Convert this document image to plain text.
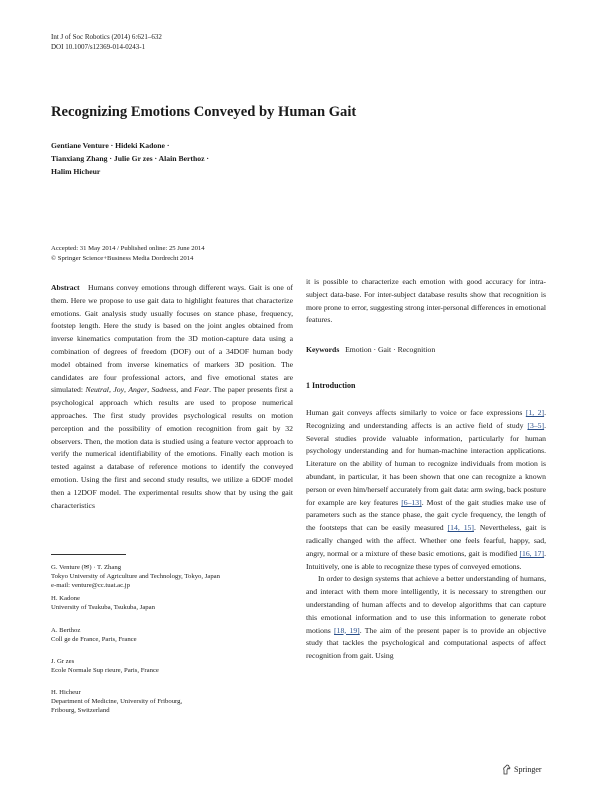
Int J of Soc Robotics (2014) 6:621–632
DOI 10.1007/s12369-014-0243-1
Recognizing Emotions Conveyed by Human Gait
Gentiane Venture · Hideki Kadone ·
Tianxiang Zhang · Julie Gr zes · Alain Berthoz ·
Halim Hicheur
Accepted: 31 May 2014 / Published online: 25 June 2014
© Springer Science+Business Media Dordrecht 2014

Abstract Humans convey emotions through different ways. Gait is one of them. Here we propose to use gait data to highlight features that characterize emotions. Gait analysis study usually focuses on stance phase, frequency, footstep length. Here the study is based on the joint angles obtained from inverse kinematics computation from the 3D motion-capture data using a combination of degrees of freedom (DOF) out of a 34DOF human body model obtained from inverse kinematics of markers 3D position. The candidates are four professional actors, and five emotional states are simulated: Neutral, Joy, Anger, Sadness, and Fear. The paper presents first a psychological approach which results are used to propose numerical approaches. The first study provides psychological results on motion perception and the possibility of emotion recognition from gait by 32 observers. Then, the motion data is studied using a feature vector approach to verify the numerical identifiability of the emotions. Finally each motion is tested against a database of reference motions to identify the conveyed emotion. Using the first and second study results, we utilize a 6DOF model then a 12DOF model. The experimental results show that by using the gait characteristics

it is possible to characterize each emotion with good accuracy for intra-subject data-base. For inter-subject database results show that recognition is more prone to error, suggesting strong inter-personal differences in emotional features.

Keywords Emotion · Gait · Recognition
1 Introduction

Human gait conveys affects similarly to voice or face expressions [1, 2]. Recognizing and understanding affects is an active field of study [3–5]. Several studies provide valuable information, particularly for human psychology understanding and for human-machine interaction applications. Literature on the ability of human to recognize individuals from motion is abundant, in particular, it has been shown that one can recognize a known person or even him/herself accurately from gait data: arm swing, back posture for example are key features [6–13]. Most of the gait studies make use of parameters such as the stance phase, the gait cycle frequency, the length of the footsteps that can be easily measured [14, 15]. Nevertheless, gait is radically changed with the affect. Whether one feels fearful, happy, sad, angry, normal or a mixture of these basic emotions, gait is modified [16, 17]. Intuitively, one is able to recognize these types of conveyed emotions.

In order to design systems that achieve a better understanding of humans, and interact with them more intelligently, it is necessary to strengthen our understanding of human affects and to develop algorithms that can capture this emotional information and to use this information to generate robot motions [18, 19]. The aim of the present paper is to provide an objective study that tackles the psychological and computational aspects of affect recognition from gait. Using

G. Venture (✉) · T. Zhang
Tokyo University of Agriculture and Technology, Tokyo, Japan
e-mail: venture@cc.tuat.ac.jp
H. Kadone
University of Tsukuba, Tsukuba, Japan
A. Berthoz
Coll ge de France, Paris, France
J. Gr zes
Ecole Normale Sup rieure, Paris, France
H. Hicheur
Department of Medicine, University of Fribourg,
Fribourg, Switzerland
Springer
